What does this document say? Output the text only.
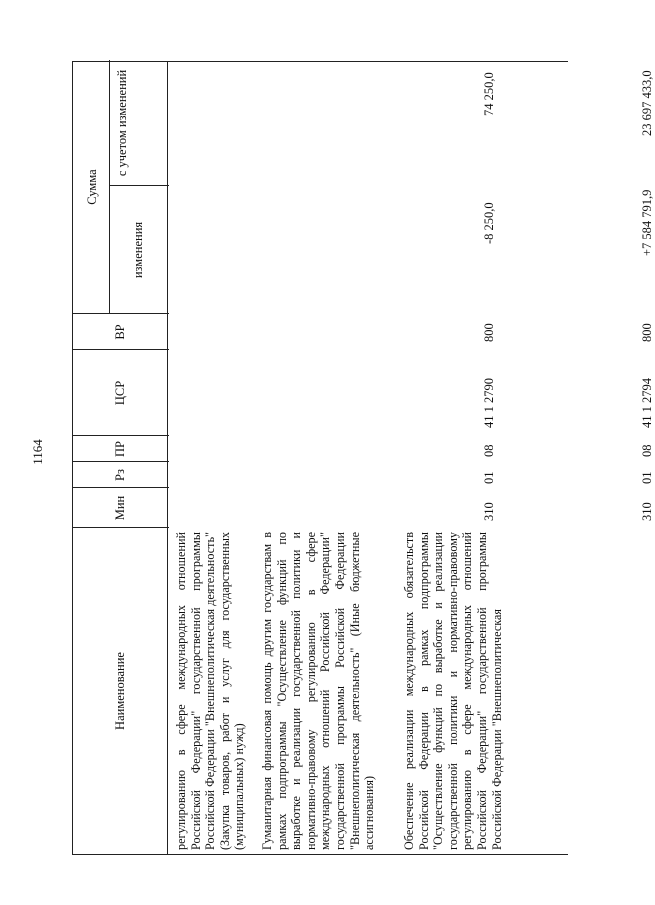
1164
Наименование
Мин
Рз
ПР
ЦСР
ВР
Сумма
изменения
с учетом изменений
регулированию в сфере международных отношений Российской Федерации" государственной программы Российской Федерации "Внешнеполитическая деятельность" (Закупка товаров, работ и услуг для государственных (муниципальных) нужд) Гуманитарная финансовая помощь другим государствам в рамках подпрограммы "Осуществление функций по выработке и реализации государственной политики и нормативно-правовому регулированию в сфере международных отношений Российской Федерации" государственной программы Российской Федерации "Внешнеполитическая деятельность" (Иные бюджетные ассигнования)
310
01
08
41 1 2790
800
-8 250,0
74 250,0
Обеспечение реализации международных обязательств Российской Федерации в рамках подпрограммы "Осуществление функций по выработке и реализации государственной политики и нормативно-правовому регулированию в сфере международных отношений Российской Федерации" государственной программы Российской Федерации "Внешнеполитическая
310
01
08
41 1 2794
800
+7 584 791,9
23 697 433,0
